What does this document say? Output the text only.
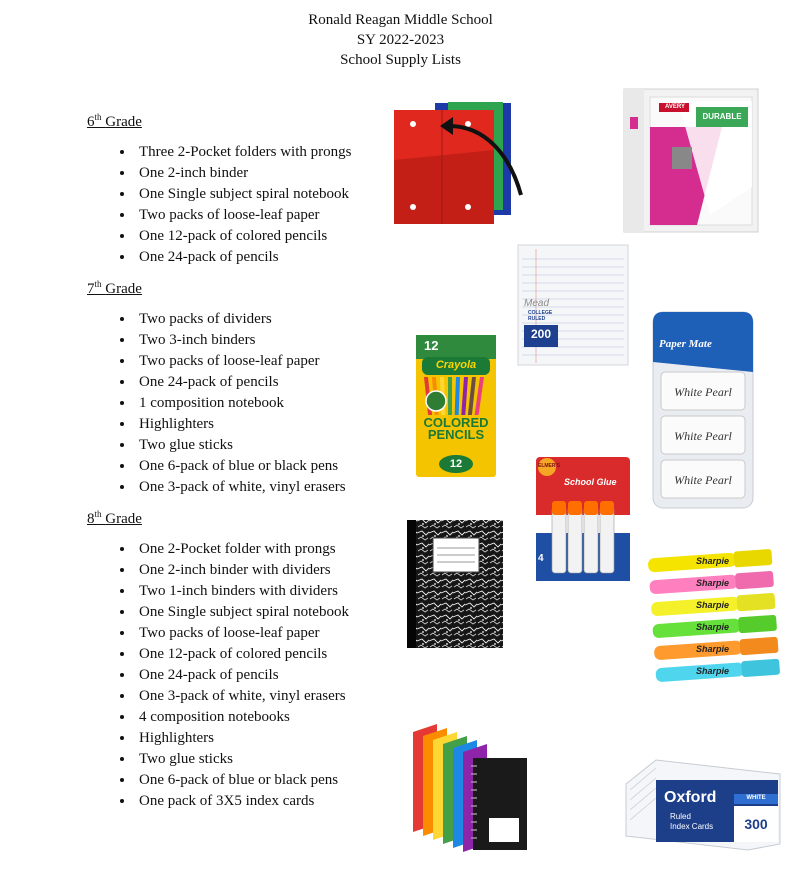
Ronald Reagan Middle School
SY 2022-2023
School Supply Lists
6th Grade
• Three 2-Pocket folders with prongs
• One 2-inch binder
• One Single subject spiral notebook
• Two packs of loose-leaf paper
• One 12-pack of colored pencils
• One 24-pack of pencils
7th Grade
• Two packs of dividers
• Two 3-inch binders
• Two packs of loose-leaf paper
• One 24-pack of pencils
• 1 composition notebook
• Highlighters
• Two glue sticks
• One 6-pack of blue or black pens
• One 3-pack of white, vinyl erasers
8th Grade
• One 2-Pocket folder with prongs
• One 2-inch binder with dividers
• Two 1-inch binders with dividers
• One Single subject spiral notebook
• Two packs of loose-leaf paper
• One 12-pack of colored pencils
• One 24-pack of pencils
• One 3-pack of white, vinyl erasers
• 4 composition notebooks
• Highlighters
• Two glue sticks
• One 6-pack of blue or black pens
• One pack of 3X5 index cards
AVERY
DURABLE
Mead
COLLEGE RULED
200
12
Crayola
COLORED
PENCILS
12
Paper Mate
White Pearl
White Pearl
White Pearl
ELMER'S
School Glue
4	Sharpie
Sharpie
Sharpie
Sharpie
Sharpie
Sharpie
Oxford
Ruled
Index Cards
WHITE
300
